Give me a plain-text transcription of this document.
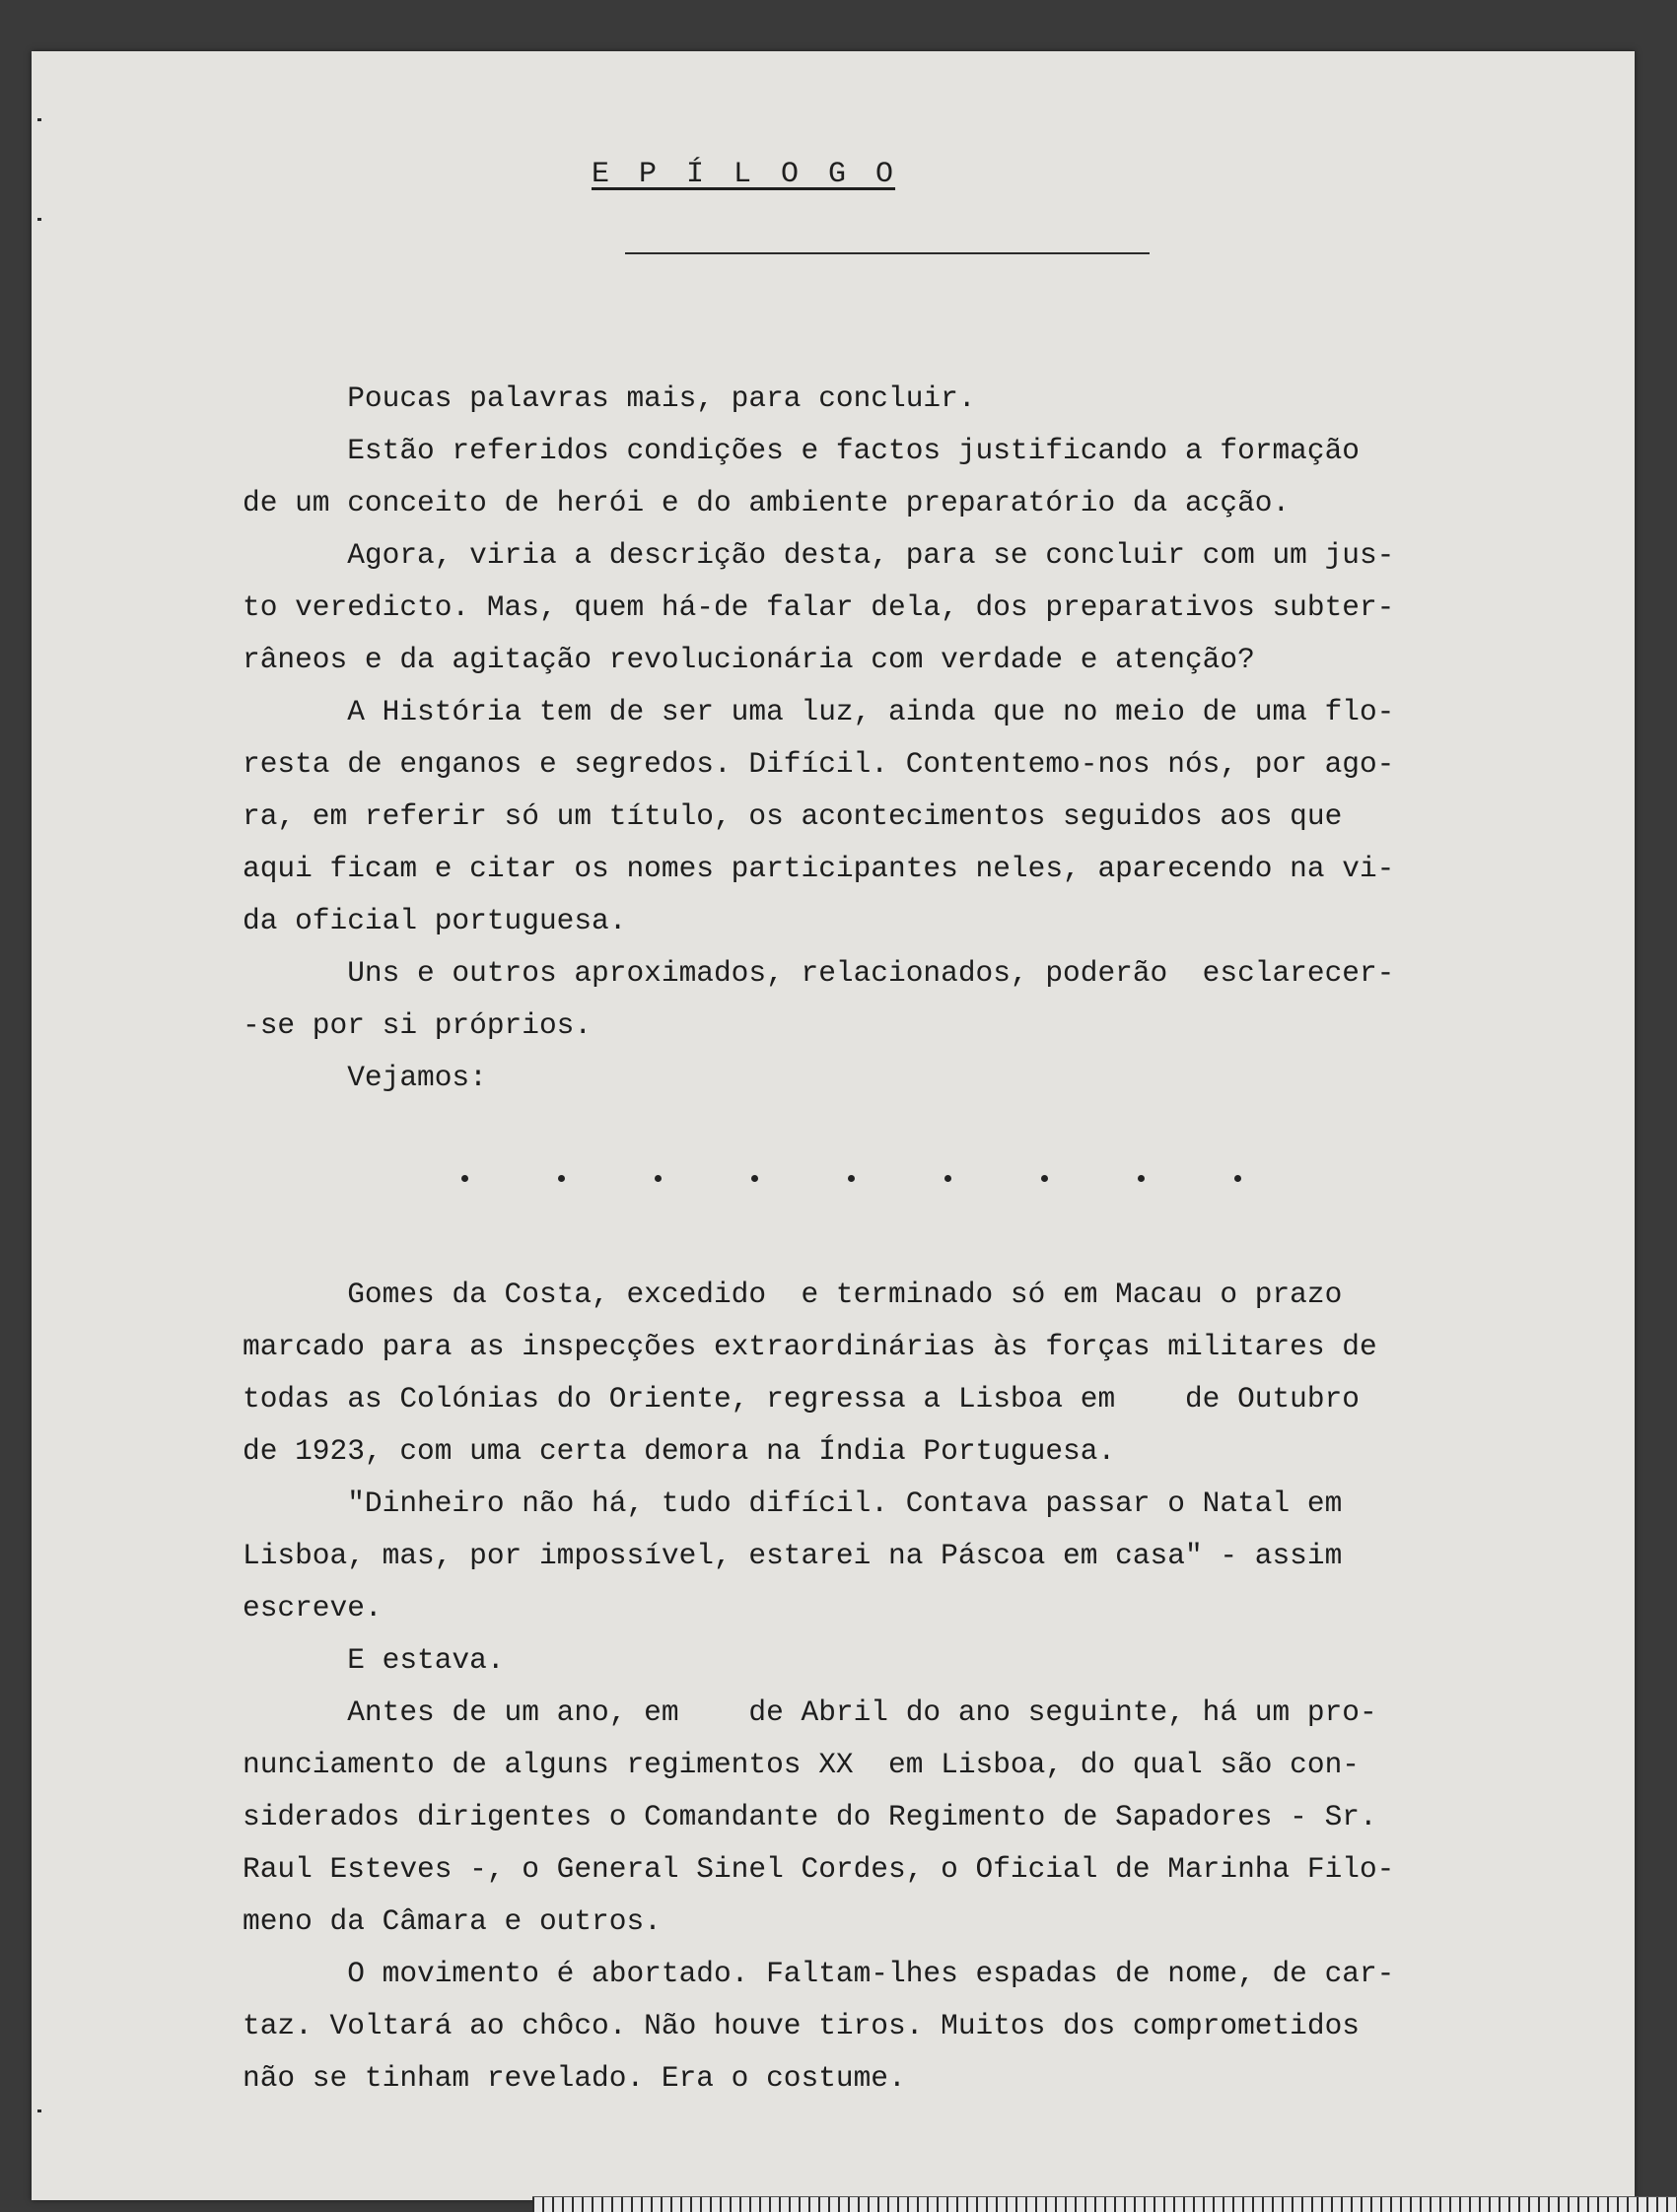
E P Í L O G O
Poucas palavras mais, para concluir.
Estão referidos condições e factos justificando a formação
de um conceito de herói e do ambiente preparatório da acção.
Agora, viria a descrição desta, para se concluir com um jus-
to veredicto. Mas, quem há-de falar dela, dos preparativos subter-
râneos e da agitação revolucionária com verdade e atenção?
A História tem de ser uma luz, ainda que no meio de uma flo-
resta de enganos e segredos. Difícil. Contentemo-nos nós, por ago-
ra, em referir só um título, os acontecimentos seguidos aos que
aqui ficam e citar os nomes participantes neles, aparecendo na vi-
da oficial portuguesa.
Uns e outros aproximados, relacionados, poderão  esclarecer-
-se por si próprios.
Vejamos:
Gomes da Costa, excedido  e terminado só em Macau o prazo
marcado para as inspecções extraordinárias às forças militares de
todas as Colónias do Oriente, regressa a Lisboa em    de Outubro
de 1923, com uma certa demora na Índia Portuguesa.
"Dinheiro não há, tudo difícil. Contava passar o Natal em
Lisboa, mas, por impossível, estarei na Páscoa em casa" - assim
escreve.
E estava.
Antes de um ano, em    de Abril do ano seguinte, há um pro-
nunciamento de alguns regimentos XX  em Lisboa, do qual são con-
siderados dirigentes o Comandante do Regimento de Sapadores - Sr.
Raul Esteves -, o General Sinel Cordes, o Oficial de Marinha Filo-
meno da Câmara e outros.
O movimento é abortado. Faltam-lhes espadas de nome, de car-
taz. Voltará ao chôco. Não houve tiros. Muitos dos comprometidos
não se tinham revelado. Era o costume.
